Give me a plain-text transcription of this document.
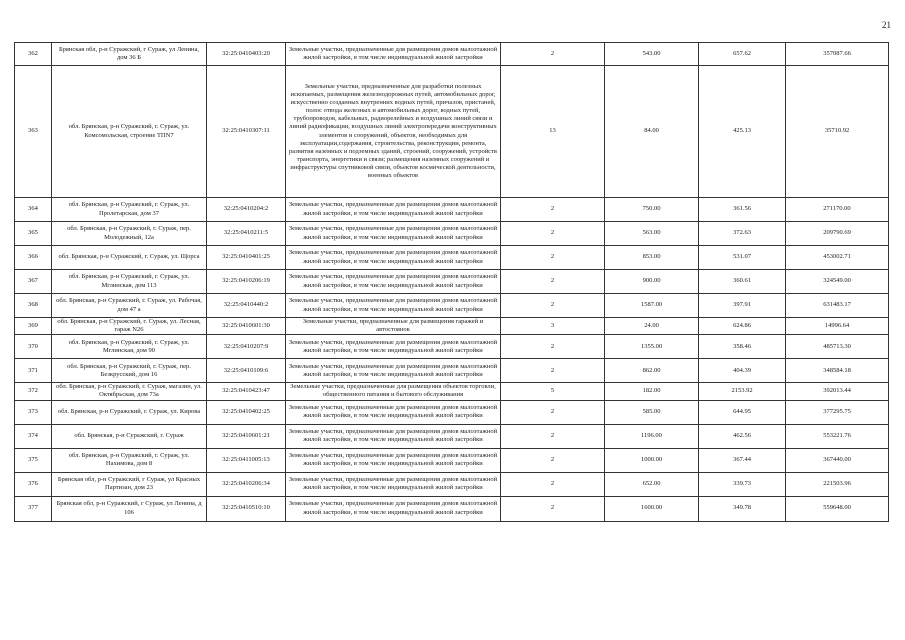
21
362	Брянская обл, р-н Суражский, г Сураж, ул Ленина, дом 36 Б	32:25:0410403:20	Земельные участки, предназначенные для размещения домов малоэтажной жилой застройки, в том числе индивидуальной жилой застройки	2	543.00	657.62	357087.66
363	обл. Брянская, р-н Суражский, г. Сураж, ул. Комсомольская, строение ТПN7	32:25:0410307:11	Земельные участки, предназначенные для разработки полезных ископаемых, размещения железнодорожных путей, автомобильных дорог, искусственно созданных внутренних водных путей, причалов, пристаней, полос отвода железных и автомобильных дорог, водных путей, трубопроводов, кабельных, радиорелейных и воздушных линий связи и линий радиофикации, воздушных линий электропередачи конструктивных элементов и сооружений, объектов, необходимых для эксплуатации,содержания, строительства, реконструкции, ремонта, развития наземных и подземных зданий, строений, сооружений, устройств транспорта, энергетики и связи; размещения наземных сооружений и инфраструктуры спутниковой связи, объектов космической деятельности, военных объектов	13	84.00	425.13	35710.92
364	обл. Брянская, р-н Суражский, г. Сураж, ул. Пролетарская, дом 37	32:25:0410204:2	Земельные участки, предназначенные для размещения домов малоэтажной жилой застройки, в том числе индивидуальной жилой застройки	2	750.00	361.56	271170.00
365	обл. Брянская, р-н Суражский, г. Сураж, пер. Молодежный, 12а	32:25:0410211:5	Земельные участки, предназначенные для размещения домов малоэтажной жилой застройки, в том числе индивидуальной жилой застройки	2	563.00	372.63	209790.69
366	обл. Брянская, р-н Суражский, г. Сураж, ул. Щорса	32:25:0410401:25	Земельные участки, предназначенные для размещения домов малоэтажной жилой застройки, в том числе индивидуальной жилой застройки	2	853.00	531.07	453002.71
367	обл. Брянская, р-н Суражский, г. Сураж, ул. Мглинская, дом 113	32:25:0410206:19	Земельные участки, предназначенные для размещения домов малоэтажной жилой застройки, в том числе индивидуальной жилой застройки	2	900.00	360.61	324549.00
368	обл. Брянская, р-н Суражский, г. Сураж, ул. Рабочая, дом 47 а	32:25:0410440:2	Земельные участки, предназначенные для размещения домов малоэтажной жилой застройки, в том числе индивидуальной жилой застройки	2	1587.00	397.91	631483.17
369	обл. Брянская, р-н Суражский, г. Сураж, ул. Лесная, гараж N26	32:25:0410601:30	Земельные участки, предназначенные для размещения гаражей и автостоянок	3	24.00	624.86	14996.64
370	обл. Брянская, р-н Суражский, г. Сураж, ул. Мглинская, дом 90	32:25:0410207:9	Земельные участки, предназначенные для размещения домов малоэтажной жилой застройки, в том числе индивидуальной жилой застройки	2	1355.00	358.46	485713.30
371	обл. Брянская, р-н Суражский, г. Сураж, пер. Безкрусский, дом 16	32:25:0410109:6	Земельные участки, предназначенные для размещения домов малоэтажной жилой застройки, в том числе индивидуальной жилой застройки	2	862.00	404.39	348584.18
372	обл. Брянская, р-н Суражский, г. Сураж, магазин, ул. Октябрьская, дом 73а	32:25:0410423:47	Земельные участки, предназначенные для размещения объектов торговли, общественного питания и бытового обслуживания	5	182.00	2153.92	392013.44
373	обл. Брянская, р-н Суражский, г. Сураж, ул. Кирова	32:25:0410402:25	Земельные участки, предназначенные для размещения домов малоэтажной жилой застройки, в том числе индивидуальной жилой застройки	2	585.00	644.95	377295.75
374	обл. Брянская, р-н Суражский, г. Сураж	32:25:0410601:21	Земельные участки, предназначенные для размещения домов малоэтажной жилой застройки, в том числе индивидуальной жилой застройки	2	1196.00	462.56	553221.76
375	обл. Брянская, р-н Суражский, г. Сураж, ул. Нахимова, дом 8	32:25:0411005:13	Земельные участки, предназначенные для размещения домов малоэтажной жилой застройки, в том числе индивидуальной жилой застройки	2	1000.00	367.44	367440.00
376	Брянская обл, р-н Суражский, г Сураж, ул Красных Партизан, дом 23	32:25:0410206:34	Земельные участки, предназначенные для размещения домов малоэтажной жилой застройки, в том числе индивидуальной жилой застройки	2	652.00	339.73	221503.96
377	Брянская обл, р-н Суражский, г Сураж, ул Ленина, д 106	32:25:0410510:10	Земельные участки, предназначенные для размещения домов малоэтажной жилой застройки, в том числе индивидуальной жилой застройки	2	1600.00	349.78	559648.00
